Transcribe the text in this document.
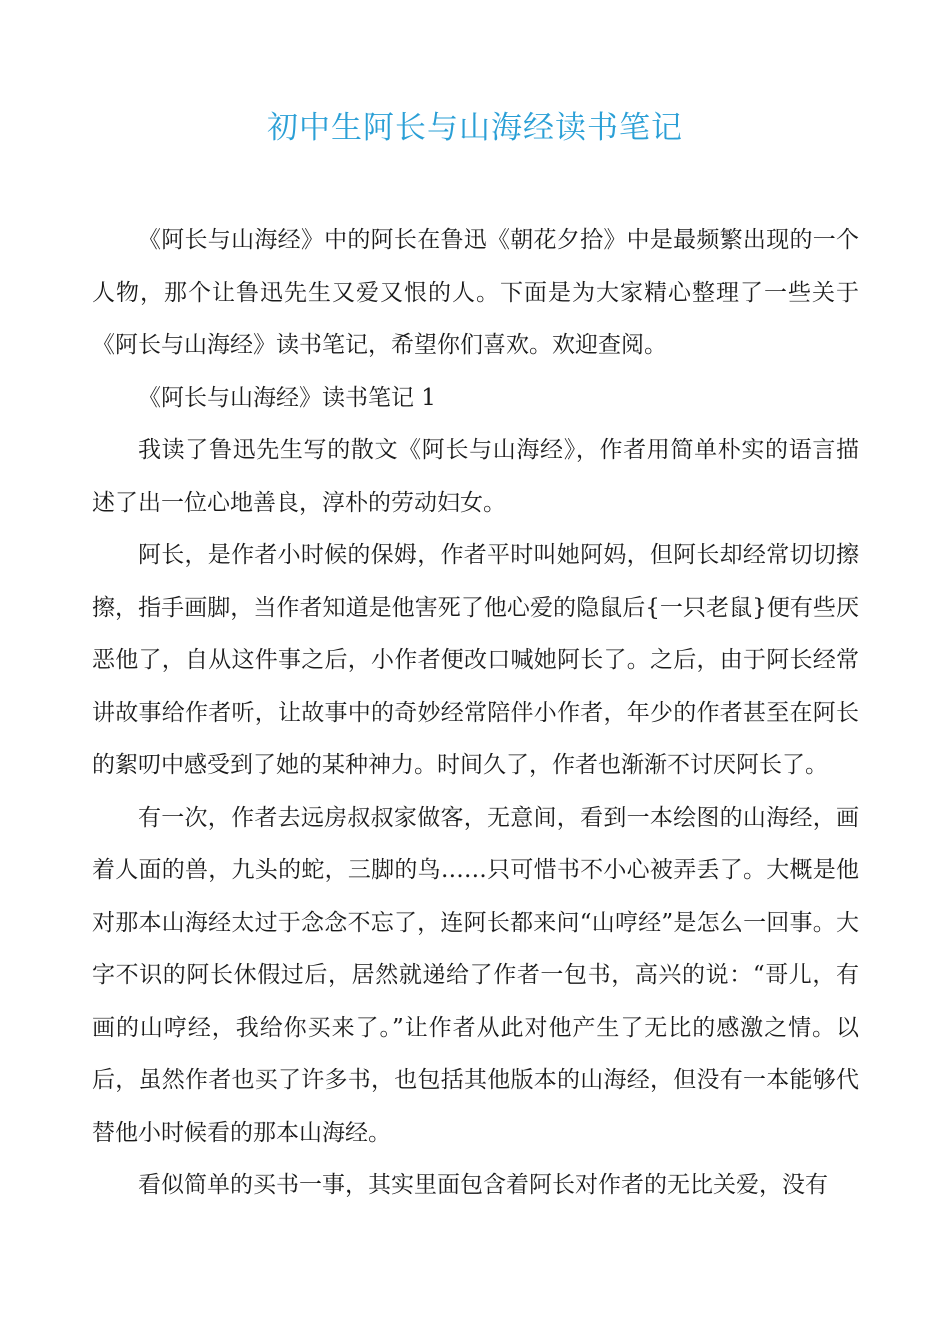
初中生阿长与山海经读书笔记

《阿长与山海经》中的阿长在鲁迅《朝花夕拾》中是最频繁出现的一个人物，那个让鲁迅先生又爱又恨的人。下面是为大家精心整理了一些关于《阿长与山海经》读书笔记，希望你们喜欢。欢迎查阅。

《阿长与山海经》读书笔记 1

我读了鲁迅先生写的散文《阿长与山海经》，作者用简单朴实的语言描述了出一位心地善良，淳朴的劳动妇女。

阿长，是作者小时候的保姆，作者平时叫她阿妈，但阿长却经常切切擦擦，指手画脚，当作者知道是他害死了他心爱的隐鼠后{一只老鼠}便有些厌恶他了，自从这件事之后，小作者便改口喊她阿长了。之后，由于阿长经常讲故事给作者听，让故事中的奇妙经常陪伴小作者，年少的作者甚至在阿长的絮叨中感受到了她的某种神力。时间久了，作者也渐渐不讨厌阿长了。

有一次，作者去远房叔叔家做客，无意间，看到一本绘图的山海经，画着人面的兽，九头的蛇，三脚的鸟……只可惜书不小心被弄丢了。大概是他对那本山海经太过于念念不忘了，连阿长都来问“山哼经”是怎么一回事。大字不识的阿长休假过后，居然就递给了作者一包书，高兴的说：“哥儿，有画的山哼经，我给你买来了。”让作者从此对他产生了无比的感激之情。以后，虽然作者也买了许多书，也包括其他版本的山海经，但没有一本能够代替他小时候看的那本山海经。

看似简单的买书一事，其实里面包含着阿长对作者的无比关爱，没有
